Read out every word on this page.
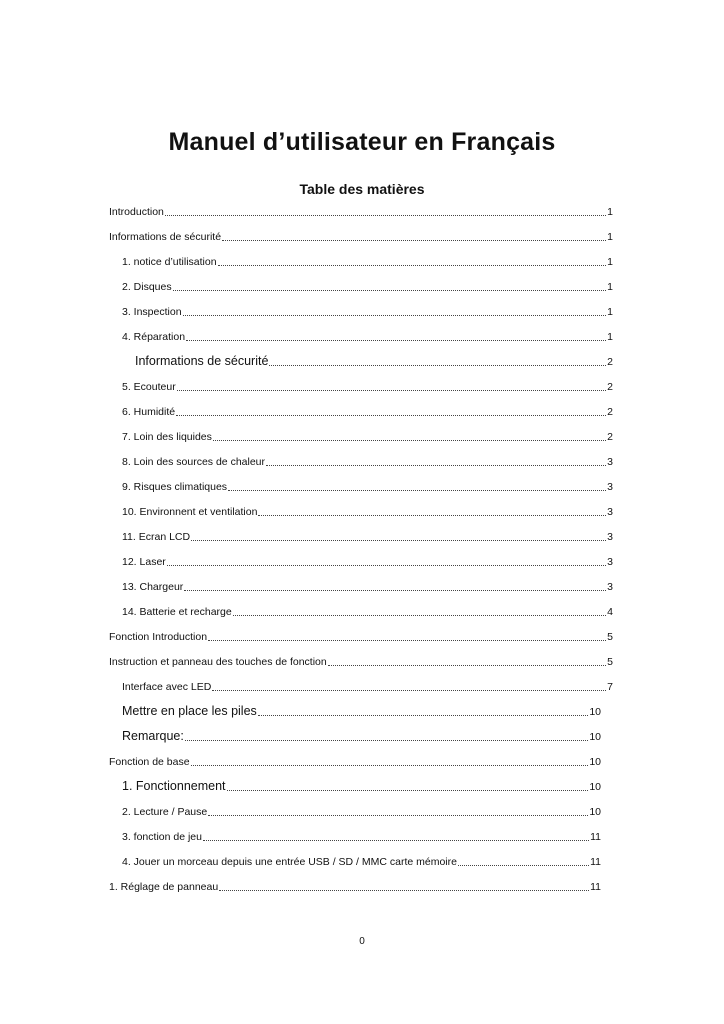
Manuel d’utilisateur en Français
Table des matières
Introduction	1
Informations de sécurité	1
1. notice d’utilisation	1
2. Disques	1
3. Inspection	1
4. Réparation	1
Informations de sécurité	2
5. Ecouteur	2
6. Humidité	2
7. Loin des liquides	2
8. Loin des sources de chaleur	3
9. Risques climatiques	3
10. Environnent et ventilation	3
11. Ecran LCD	3
12. Laser	3
13. Chargeur	3
14. Batterie et recharge	4
Fonction Introduction	5
Instruction et panneau des touches de fonction	5
Interface avec LED	7
Mettre en place les piles	10
Remarque:	10
Fonction de base	10
1. Fonctionnement	10
2. Lecture / Pause	10
3. fonction de jeu	11
4. Jouer un morceau depuis une entrée USB / SD / MMC carte mémoire	11
1. Réglage de panneau	11
0
